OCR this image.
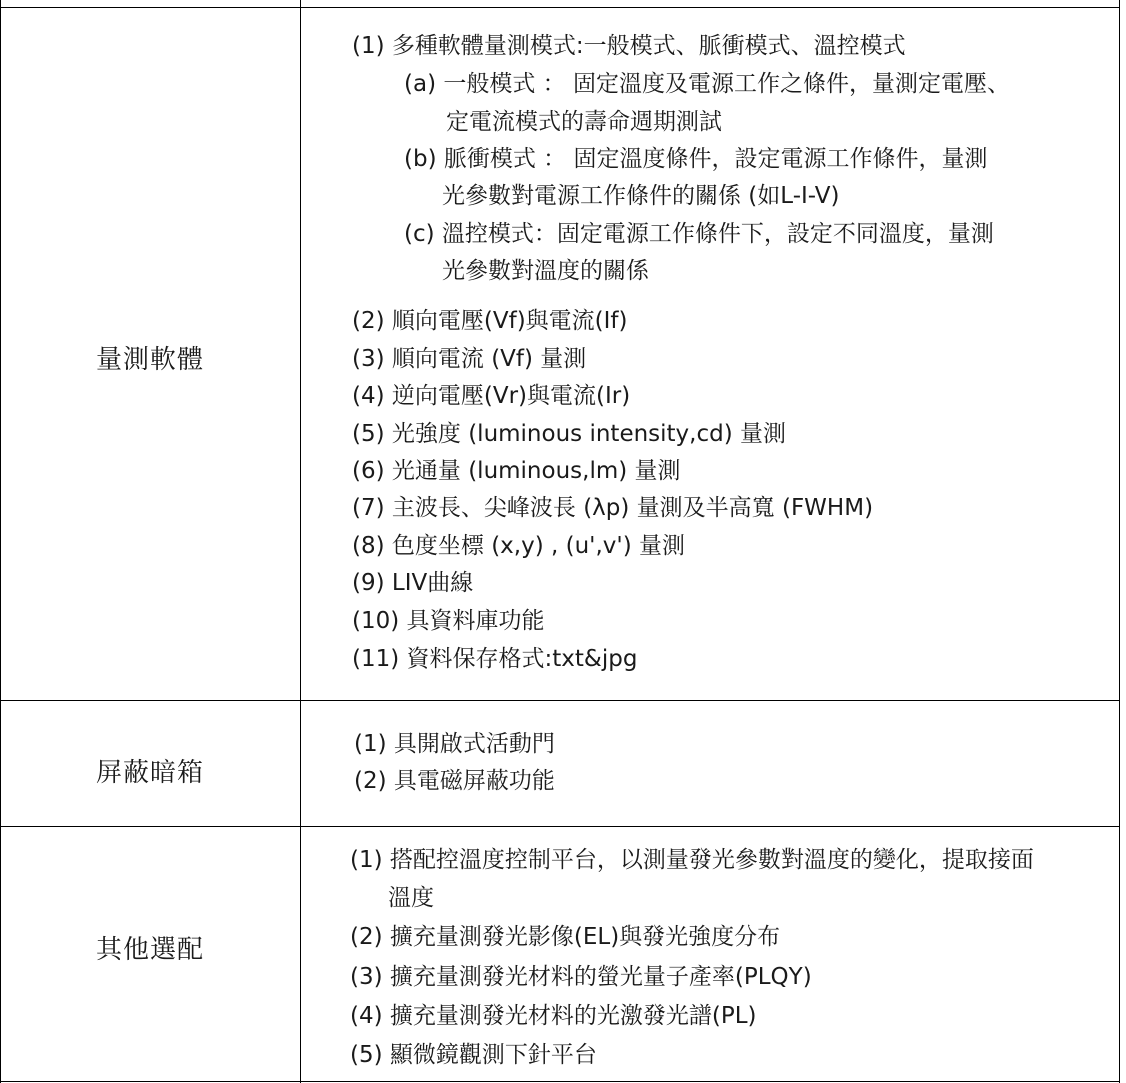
量測軟體
(1) 多種軟體量測模式:一般模式、脈衝模式、溫控模式
(a) 一般模式 ： 固定溫度及電源工作之條件，量測定電壓、
定電流模式的壽命週期測試
(b) 脈衝模式 ： 固定溫度條件，設定電源工作條件，量測
光參數對電源工作條件的關係 (如L-I-V)
(c) 溫控模式：固定電源工作條件下，設定不同溫度，量測
光參數對溫度的關係
(2) 順向電壓(Vf)與電流(If)
(3) 順向電流 (Vf) 量測
(4) 逆向電壓(Vr)與電流(Ir)
(5) 光強度 (luminous intensity,cd) 量測
(6) 光通量 (luminous,lm) 量測
(7) 主波長、尖峰波長 (λp) 量測及半高寬 (FWHM)
(8) 色度坐標 (x,y) , (u',v') 量測
(9) LIV曲線
(10) 具資料庫功能
(11) 資料保存格式:txt&jpg
屏蔽暗箱
(1) 具開啟式活動門
(2) 具電磁屏蔽功能
其他選配
(1) 搭配控溫度控制平台，以測量發光參數對溫度的變化，提取接面
溫度
(2) 擴充量測發光影像(EL)與發光強度分布
(3) 擴充量測發光材料的螢光量子產率(PLQY)
(4) 擴充量測發光材料的光激發光譜(PL)
(5) 顯微鏡觀測下針平台
